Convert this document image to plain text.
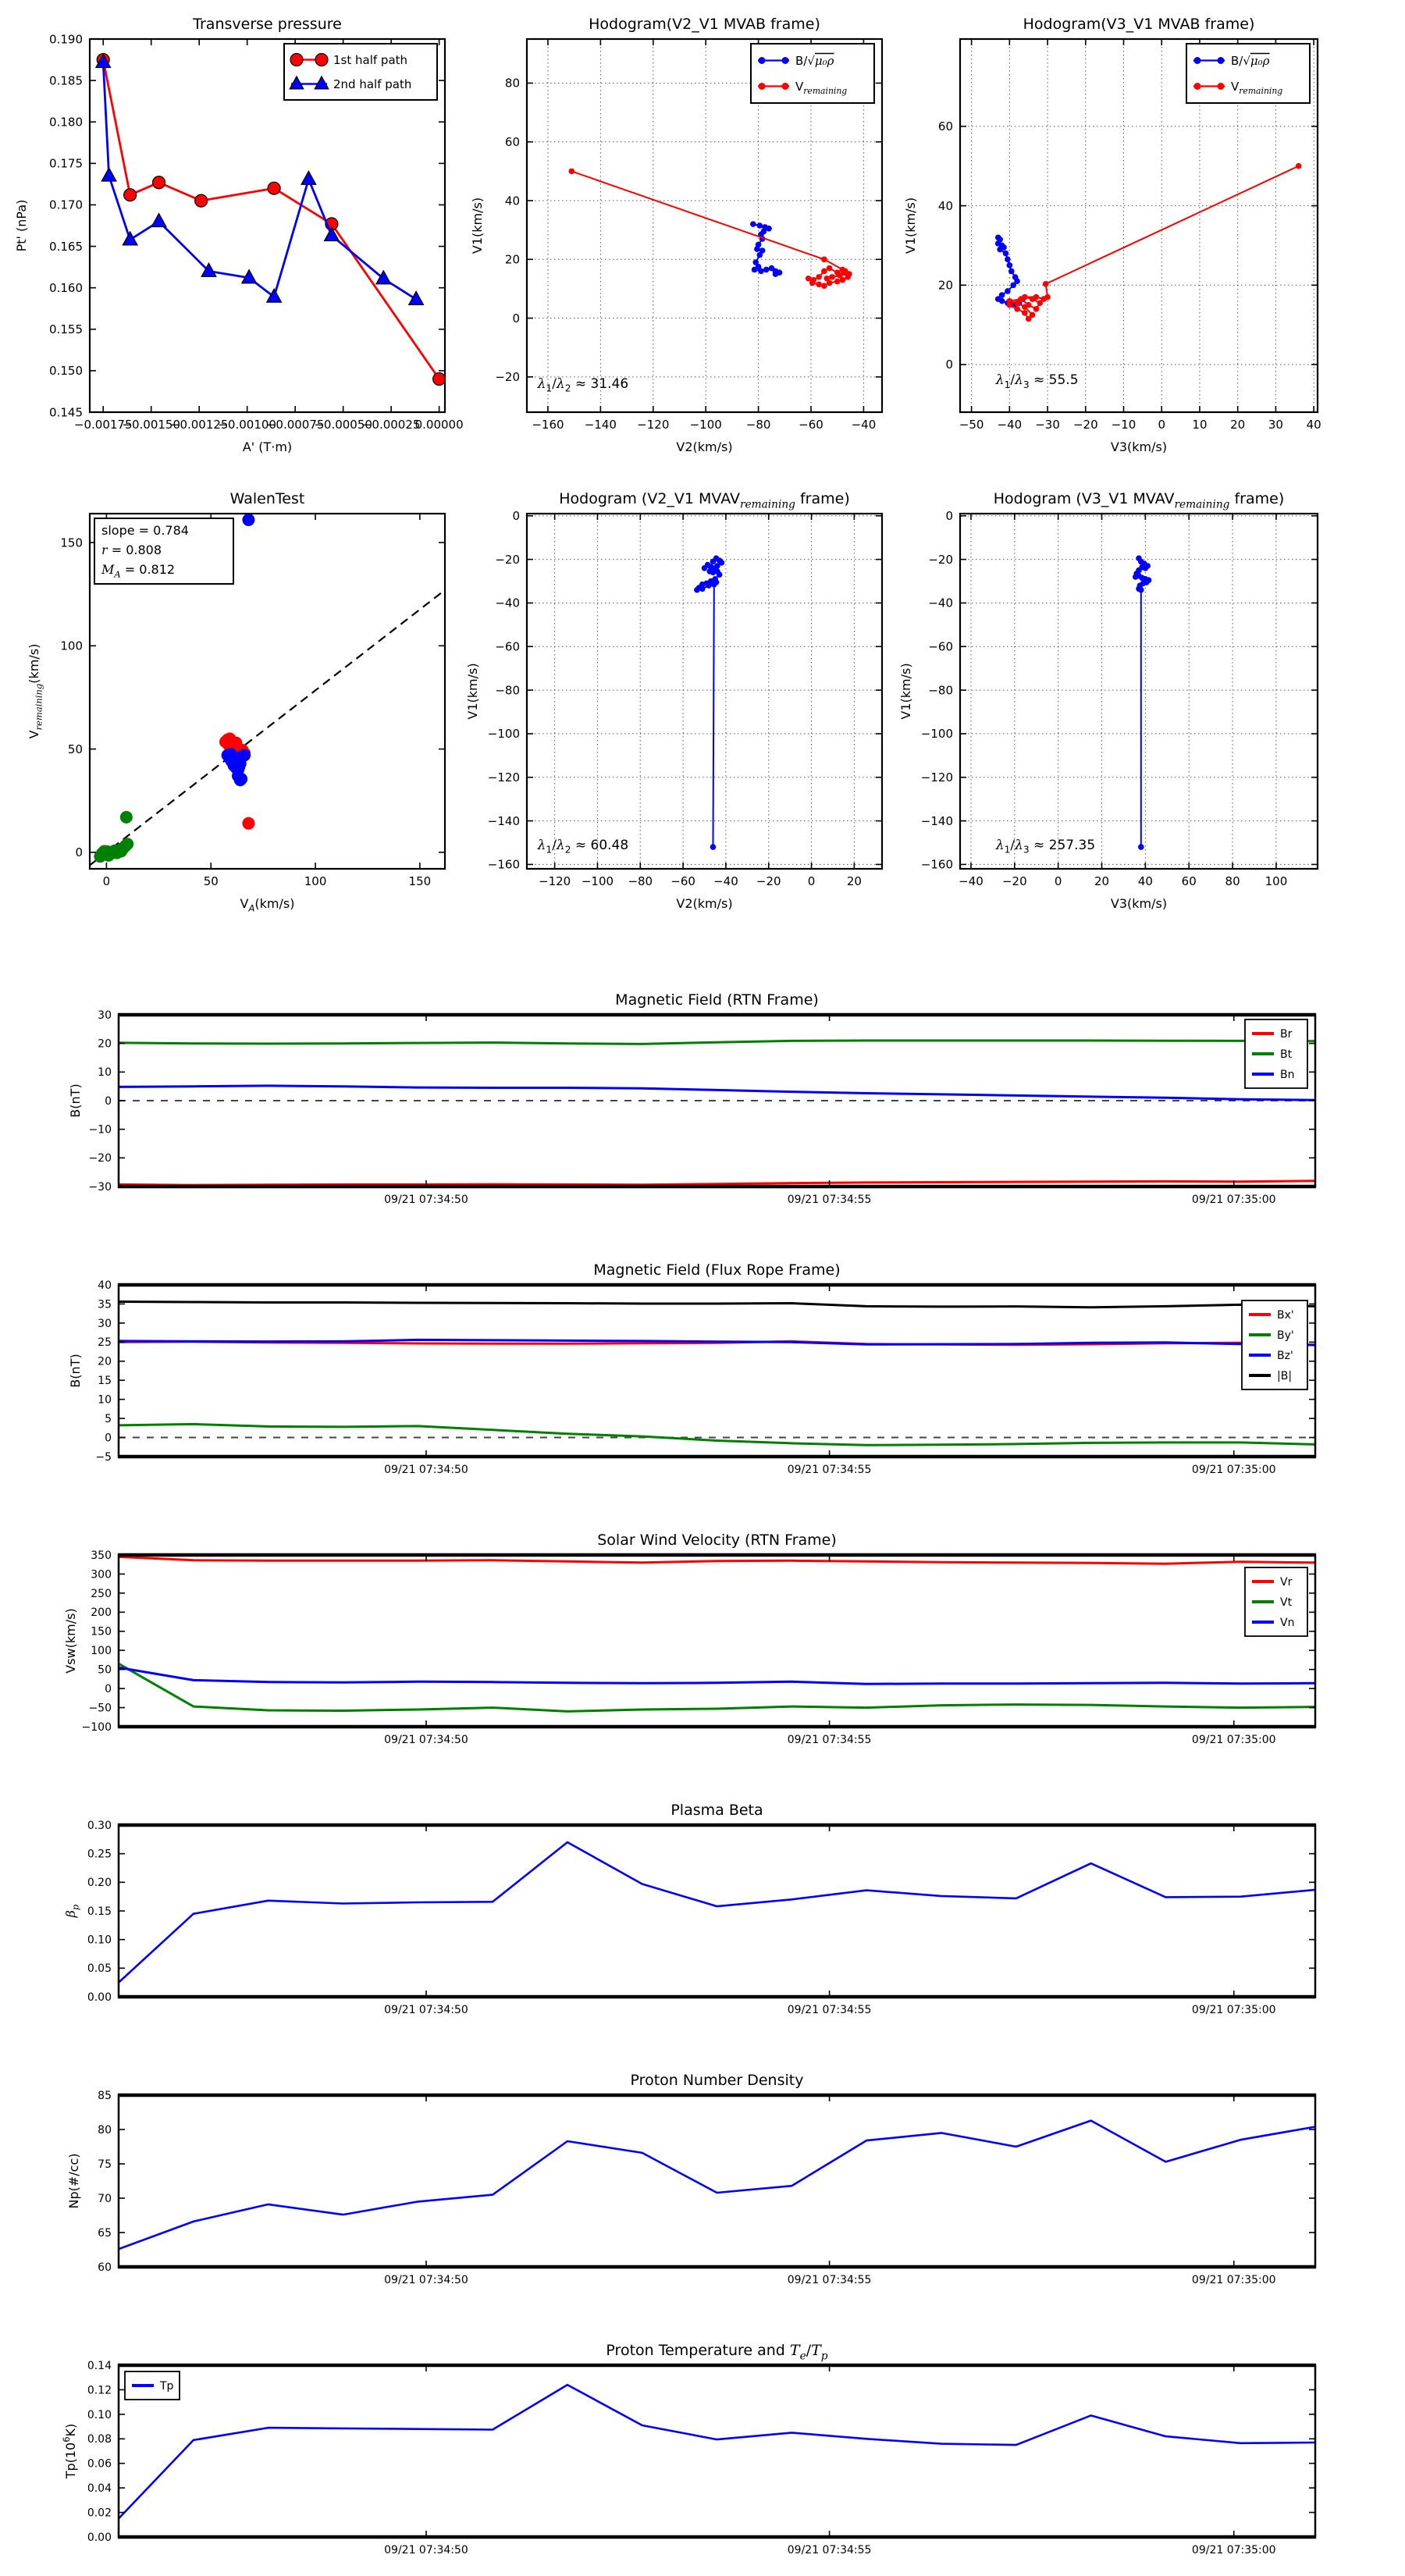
−0.00175
−0.00150
−0.00125
−0.00100
−0.00075
−0.00050
−0.00025
0.00000
0.145
0.150
0.155
0.160
0.165
0.170
0.175
0.180
0.185
0.190
Transverse pressure
A' (T·m)
Pt' (nPa)
1st half path
2nd half path
−160 −140 −120 −100 −80 −60 −40
−20
0
20
40
60
80
Hodogram(V2_V1 MVAB frame)
V2(km/s)
V1(km/s)
$\lambda_1/\lambda_2 \approx 31.46$
B/√μ₀ρ
$V_{remaining}$
−50 −40 −30 −20 −10 0 10 20 30 40
0
20
40
60
Hodogram(V3_V1 MVAB frame)
V3(km/s)
V1(km/s)
$\lambda_1/\lambda_3 \approx 55.5$
B/√μ₀ρ
$V_{remaining}$
0	50	100	150
0
50
100
150
WalenTest
$V_A(km/s)$
$V_{remaining}(km/s)$
slope = 0.784
r = 0.808
$M_A = 0.812$
−120 −100 −80 −60 −40 −20 0	20
0
−20
−40
−60
−80
−100
−120
−140
−160
Hodogram (V2_V1 $MVAV_{remaining}$ frame)
V2(km/s)
V1(km/s)
$\lambda_1/\lambda_2 \approx 60.48$
−40 −20 0	20 40 60 80 100
0
−20
−40
−60
−80
−100
−120
−140
−160
Hodogram (V3_V1 $MVAV_{remaining}$ frame)
V3(km/s)
V1(km/s)
$\lambda_1/\lambda_3 \approx 257.35$
09/21 07:34:50	09/21 07:34:55	09/21 07:35:00
−30
−20
−10
0
10
20
30
Magnetic Field (RTN Frame)
B(nT)
Br
Bt
Bn
09/21 07:34:50	09/21 07:34:55	09/21 07:35:00
−5
0
5
10
15
20
25
30
35
40
Magnetic Field (Flux Rope Frame)
B(nT)
Bx'
By'
Bz'
|B|
09/21 07:34:50	09/21 07:34:55	09/21 07:35:00
−100
−50
0
50
100
150
200
250
300
350
Solar Wind Velocity (RTN Frame)
Vsw(km/s)
Vr
Vt
Vn
09/21 07:34:50	09/21 07:34:55	09/21 07:35:00
0.00
0.05
0.10
0.15
0.20
0.25
0.30
Plasma Beta
$\beta_p$
09/21 07:34:50	09/21 07:34:55	09/21 07:35:00
60
65
70
75
80
85
Proton Number Density
Np(#/cc)
09/21 07:34:50	09/21 07:34:55	09/21 07:35:00
0.00
0.02
0.04
0.06
0.08
0.10
0.12
0.14
Proton Temperature and $T_e/T_p$
$Tp(10^6K)$
Tp
